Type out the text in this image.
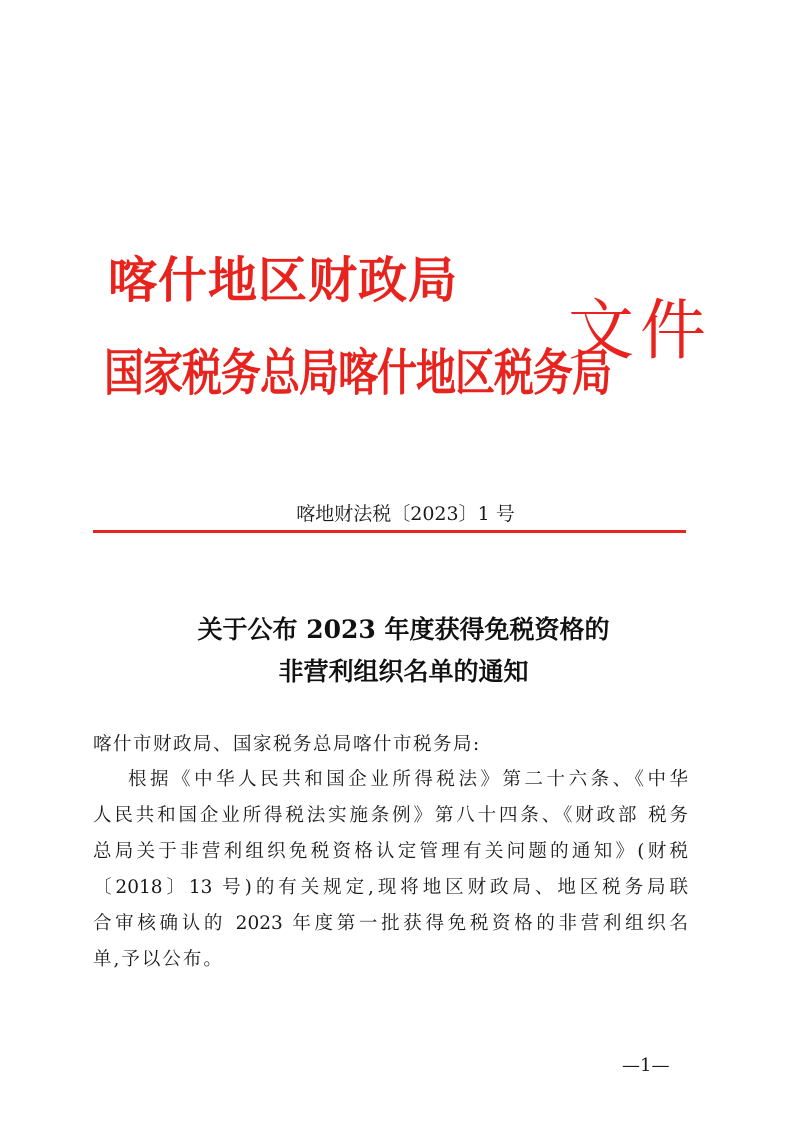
喀什地区财政局
国家税务总局喀什地区税务局
文件
喀地财法税〔2023〕1 号
关于公布 2023 年度获得免税资格的
非营利组织名单的通知
喀什市财政局、国家税务总局喀什市税务局:
根据《中华人民共和国企业所得税法》第二十六条、《中华
人民共和国企业所得税法实施条例》第八十四条、《财政部 税务
总局关于非营利组织免税资格认定管理有关问题的通知》(财税
〔2018〕13 号)的有关规定,现将地区财政局、地区税务局联
合审核确认的 2023 年度第一批获得免税资格的非营利组织名
单,予以公布。
—1—
